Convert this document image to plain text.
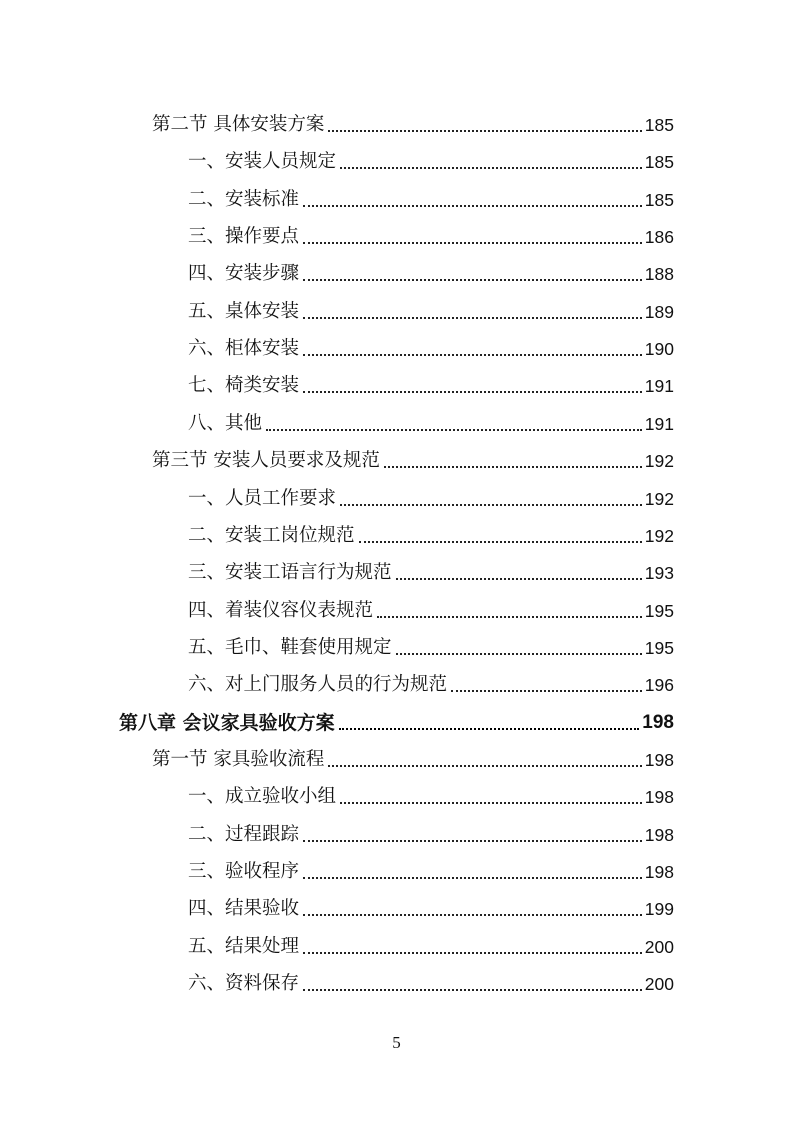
第二节 具体安装方案	185
一、安装人员规定	185
二、安装标准	185
三、操作要点	186
四、安装步骤	188
五、桌体安装	189
六、柜体安装	190
七、椅类安装	191
八、其他	191
第三节 安装人员要求及规范	192
一、人员工作要求	192
二、安装工岗位规范	192
三、安装工语言行为规范	193
四、着装仪容仪表规范	195
五、毛巾、鞋套使用规定	195
六、对上门服务人员的行为规范	196
第八章 会议家具验收方案	198
第一节 家具验收流程	198
一、成立验收小组	198
二、过程跟踪	198
三、验收程序	198
四、结果验收	199
五、结果处理	200
六、资料保存	200
5
